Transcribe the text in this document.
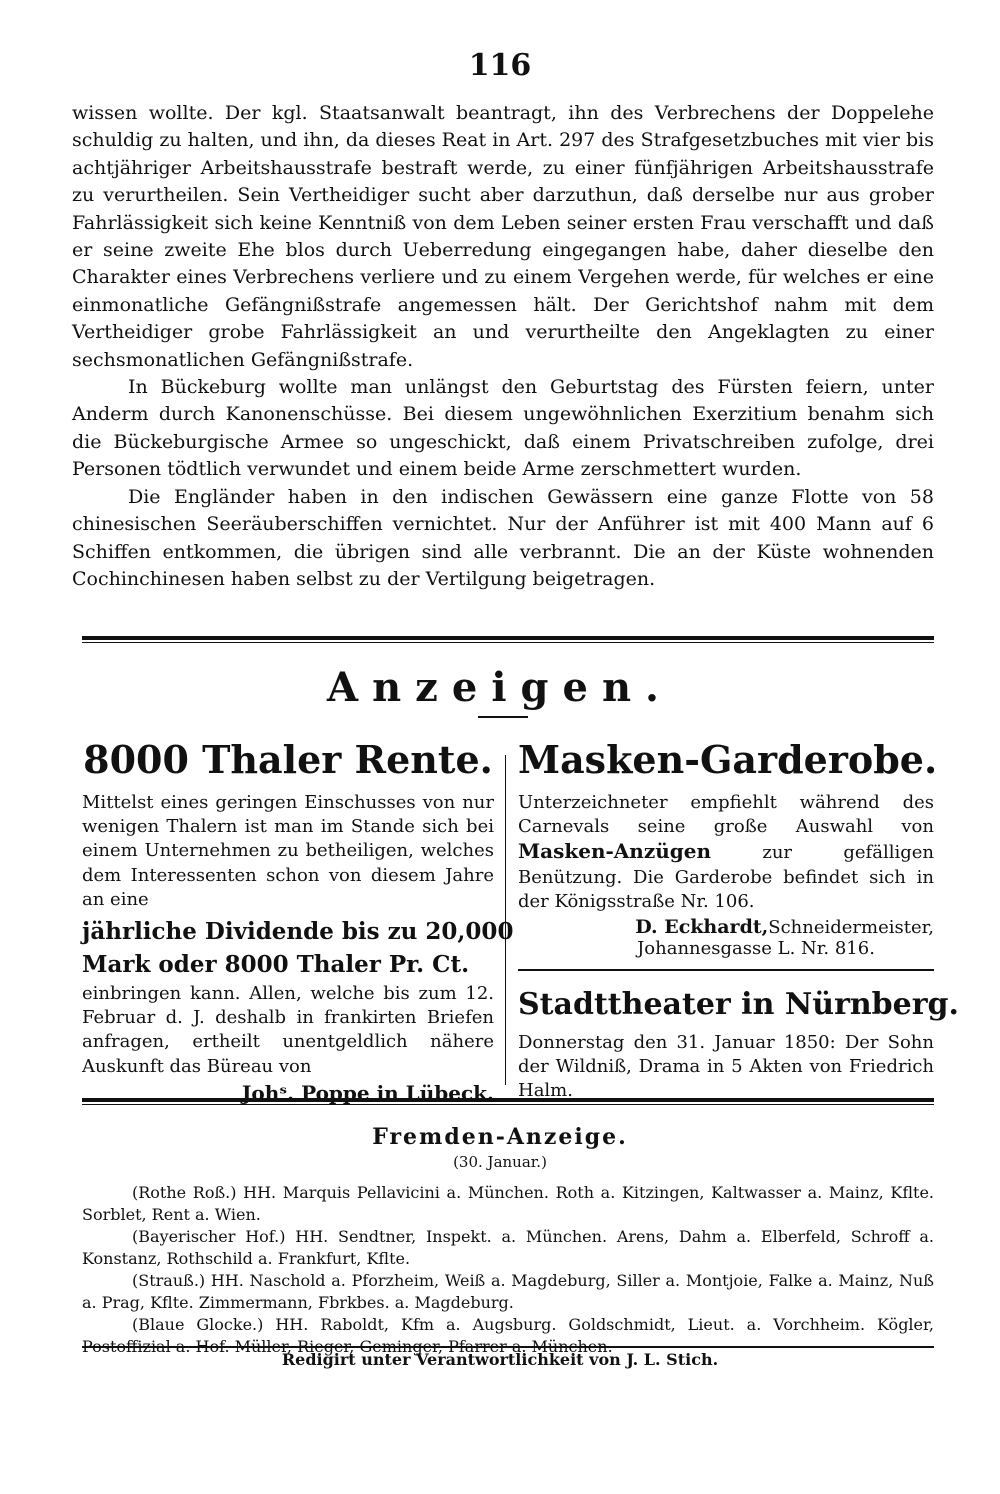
116

wissen wollte. Der kgl. Staatsanwalt beantragt, ihn des Verbrechens der Doppelehe schuldig zu halten, und ihn, da dieses Reat in Art. 297 des Strafgesetzbuches mit vier bis achtjähriger Arbeitshausstrafe bestraft werde, zu einer fünfjährigen Arbeitshausstrafe zu verurtheilen. Sein Vertheidiger sucht aber darzuthun, daß derselbe nur aus grober Fahrlässigkeit sich keine Kenntniß von dem Leben seiner ersten Frau verschafft und daß er seine zweite Ehe blos durch Ueberredung eingegangen habe, daher dieselbe den Charakter eines Verbrechens verliere und zu einem Vergehen werde, für welches er eine einmonatliche Gefängnißstrafe angemessen hält. Der Gerichtshof nahm mit dem Vertheidiger grobe Fahrlässigkeit an und verurtheilte den Angeklagten zu einer sechsmonatlichen Gefängnißstrafe.

In Bückeburg wollte man unlängst den Geburtstag des Fürsten feiern, unter Anderm durch Kanonenschüsse. Bei diesem ungewöhnlichen Exerzitium benahm sich die Bückeburgische Armee so ungeschickt, daß einem Privatschreiben zufolge, drei Personen tödtlich verwundet und einem beide Arme zerschmettert wurden.

Die Engländer haben in den indischen Gewässern eine ganze Flotte von 58 chinesischen Seeräuberschiffen vernichtet. Nur der Anführer ist mit 400 Mann auf 6 Schiffen entkommen, die übrigen sind alle verbrannt. Die an der Küste wohnenden Cochinchinesen haben selbst zu der Vertilgung beigetragen.

Anzeigen.
8000 Thaler Rente.

Mittelst eines geringen Einschusses von nur wenigen Thalern ist man im Stande sich bei einem Unternehmen zu betheiligen, welches dem Interessenten schon von diesem Jahre an eine

jährliche Dividende bis zu 20,000
Mark oder 8000 Thaler Pr. Ct.

einbringen kann. Allen, welche bis zum 12. Februar d. J. deshalb in frankirten Briefen anfragen, ertheilt unentgeldlich nähere Auskunft das Büreau von

Johˢ. Poppe in Lübeck.
Masken-Garderobe.

Unterzeichneter empfiehlt während des Carnevals seine große Auswahl von Masken-Anzügen	zur gefälligen Benützung. Die Garderobe befindet sich in der Königsstraße Nr. 106.

D. Eckhardt,Schneidermeister,
Johannesgasse L. Nr. 816.
Stadttheater in Nürnberg.

Donnerstag den 31. Januar 1850: Der Sohn der Wildniß, Drama in 5 Akten von Friedrich Halm.

Fremden-Anzeige.
(30. Januar.)

(Rothe Roß.) HH. Marquis Pellavicini a. München. Roth a. Kitzingen, Kaltwasser a. Mainz, Kflte. Sorblet, Rent a. Wien.

(Bayerischer Hof.) HH. Sendtner, Inspekt. a. München. Arens, Dahm a. Elberfeld, Schroff a. Konstanz, Rothschild a. Frankfurt, Kflte.

(Strauß.) HH. Naschold a. Pforzheim, Weiß a. Magdeburg, Siller a. Montjoie, Falke a. Mainz, Nuß a. Prag, Kflte. Zimmermann, Fbrkbes. a. Magdeburg.

(Blaue Glocke.) HH. Raboldt, Kfm a. Augsburg. Goldschmidt, Lieut. a. Vorchheim. Kögler, Postoffizial a. Hof. Müller, Rieger, Geminger, Pfarrer a. München.

Redigirt unter Verantwortlichkeit von J. L. Stich.
